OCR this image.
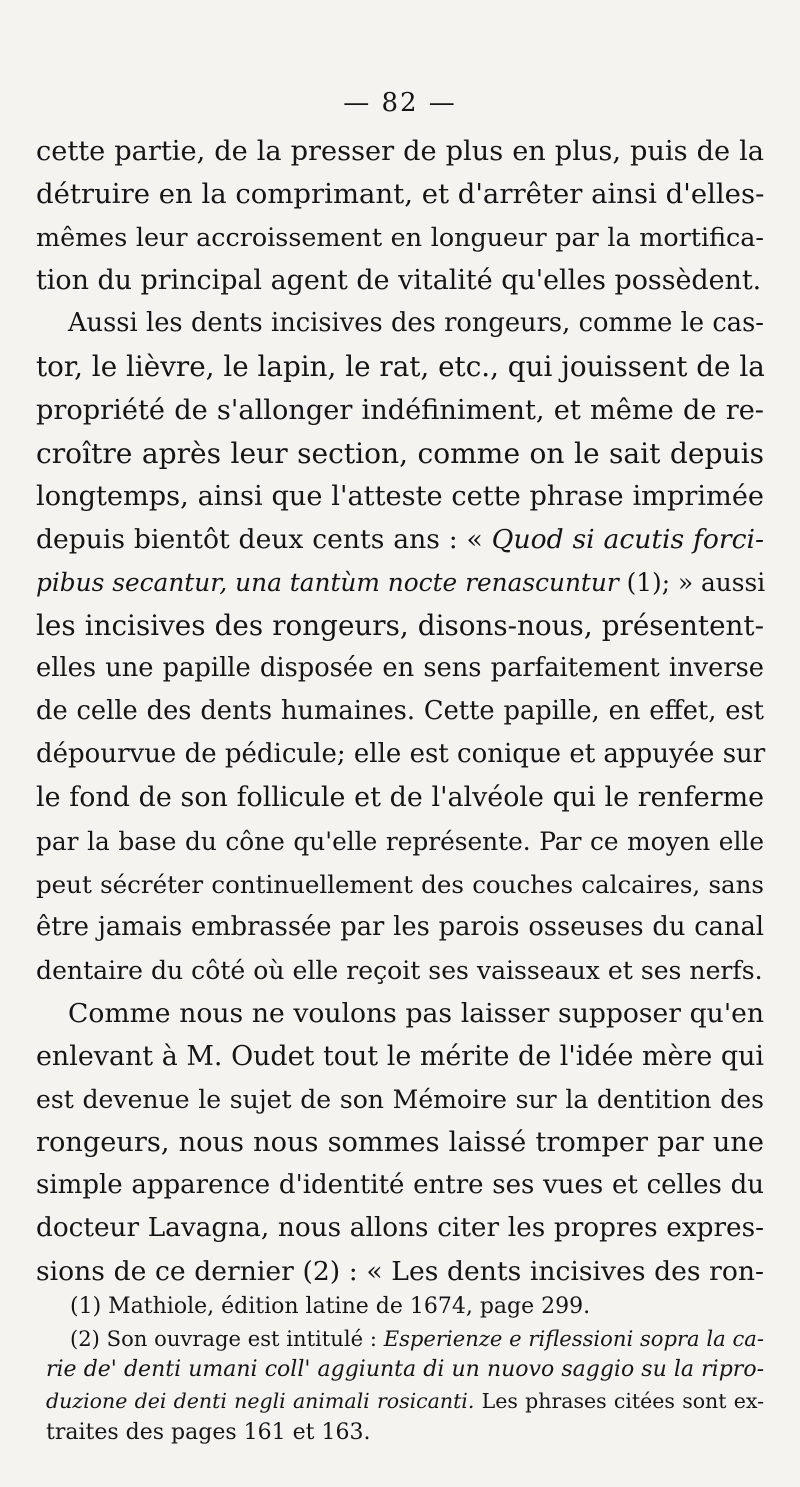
— 82 —
cette partie, de la presser de plus en plus, puis de la
détruire en la comprimant, et d'arrêter ainsi d'elles-
mêmes leur accroissement en longueur par la mortifica-
tion du principal agent de vitalité qu'elles possèdent.
Aussi les dents incisives des rongeurs, comme le cas-
tor, le lièvre, le lapin, le rat, etc., qui jouissent de la
propriété de s'allonger indéfiniment, et même de re-
croître après leur section, comme on le sait depuis
longtemps, ainsi que l'atteste cette phrase imprimée
depuis bientôt deux cents ans : « Quod si acutis forci-
pibus secantur, una tantùm nocte renascuntur (1); » aussi
les incisives des rongeurs, disons-nous, présentent-
elles une papille disposée en sens parfaitement inverse
de celle des dents humaines. Cette papille, en effet, est
dépourvue de pédicule; elle est conique et appuyée sur
le fond de son follicule et de l'alvéole qui le renferme
par la base du cône qu'elle représente. Par ce moyen elle
peut sécréter continuellement des couches calcaires, sans
être jamais embrassée par les parois osseuses du canal
dentaire du côté où elle reçoit ses vaisseaux et ses nerfs.
Comme nous ne voulons pas laisser supposer qu'en
enlevant à M. Oudet tout le mérite de l'idée mère qui
est devenue le sujet de son Mémoire sur la dentition des
rongeurs, nous nous sommes laissé tromper par une
simple apparence d'identité entre ses vues et celles du
docteur Lavagna, nous allons citer les propres expres-
sions de ce dernier (2) : « Les dents incisives des ron-
(1) Mathiole, édition latine de 1674, page 299.
(2) Son ouvrage est intitulé : Esperienze e riflessioni sopra la ca-
rie de' denti umani coll' aggiunta di un nuovo saggio su la ripro-
duzione dei denti negli animali rosicanti. Les phrases citées sont ex-
traites des pages 161 et 163.
